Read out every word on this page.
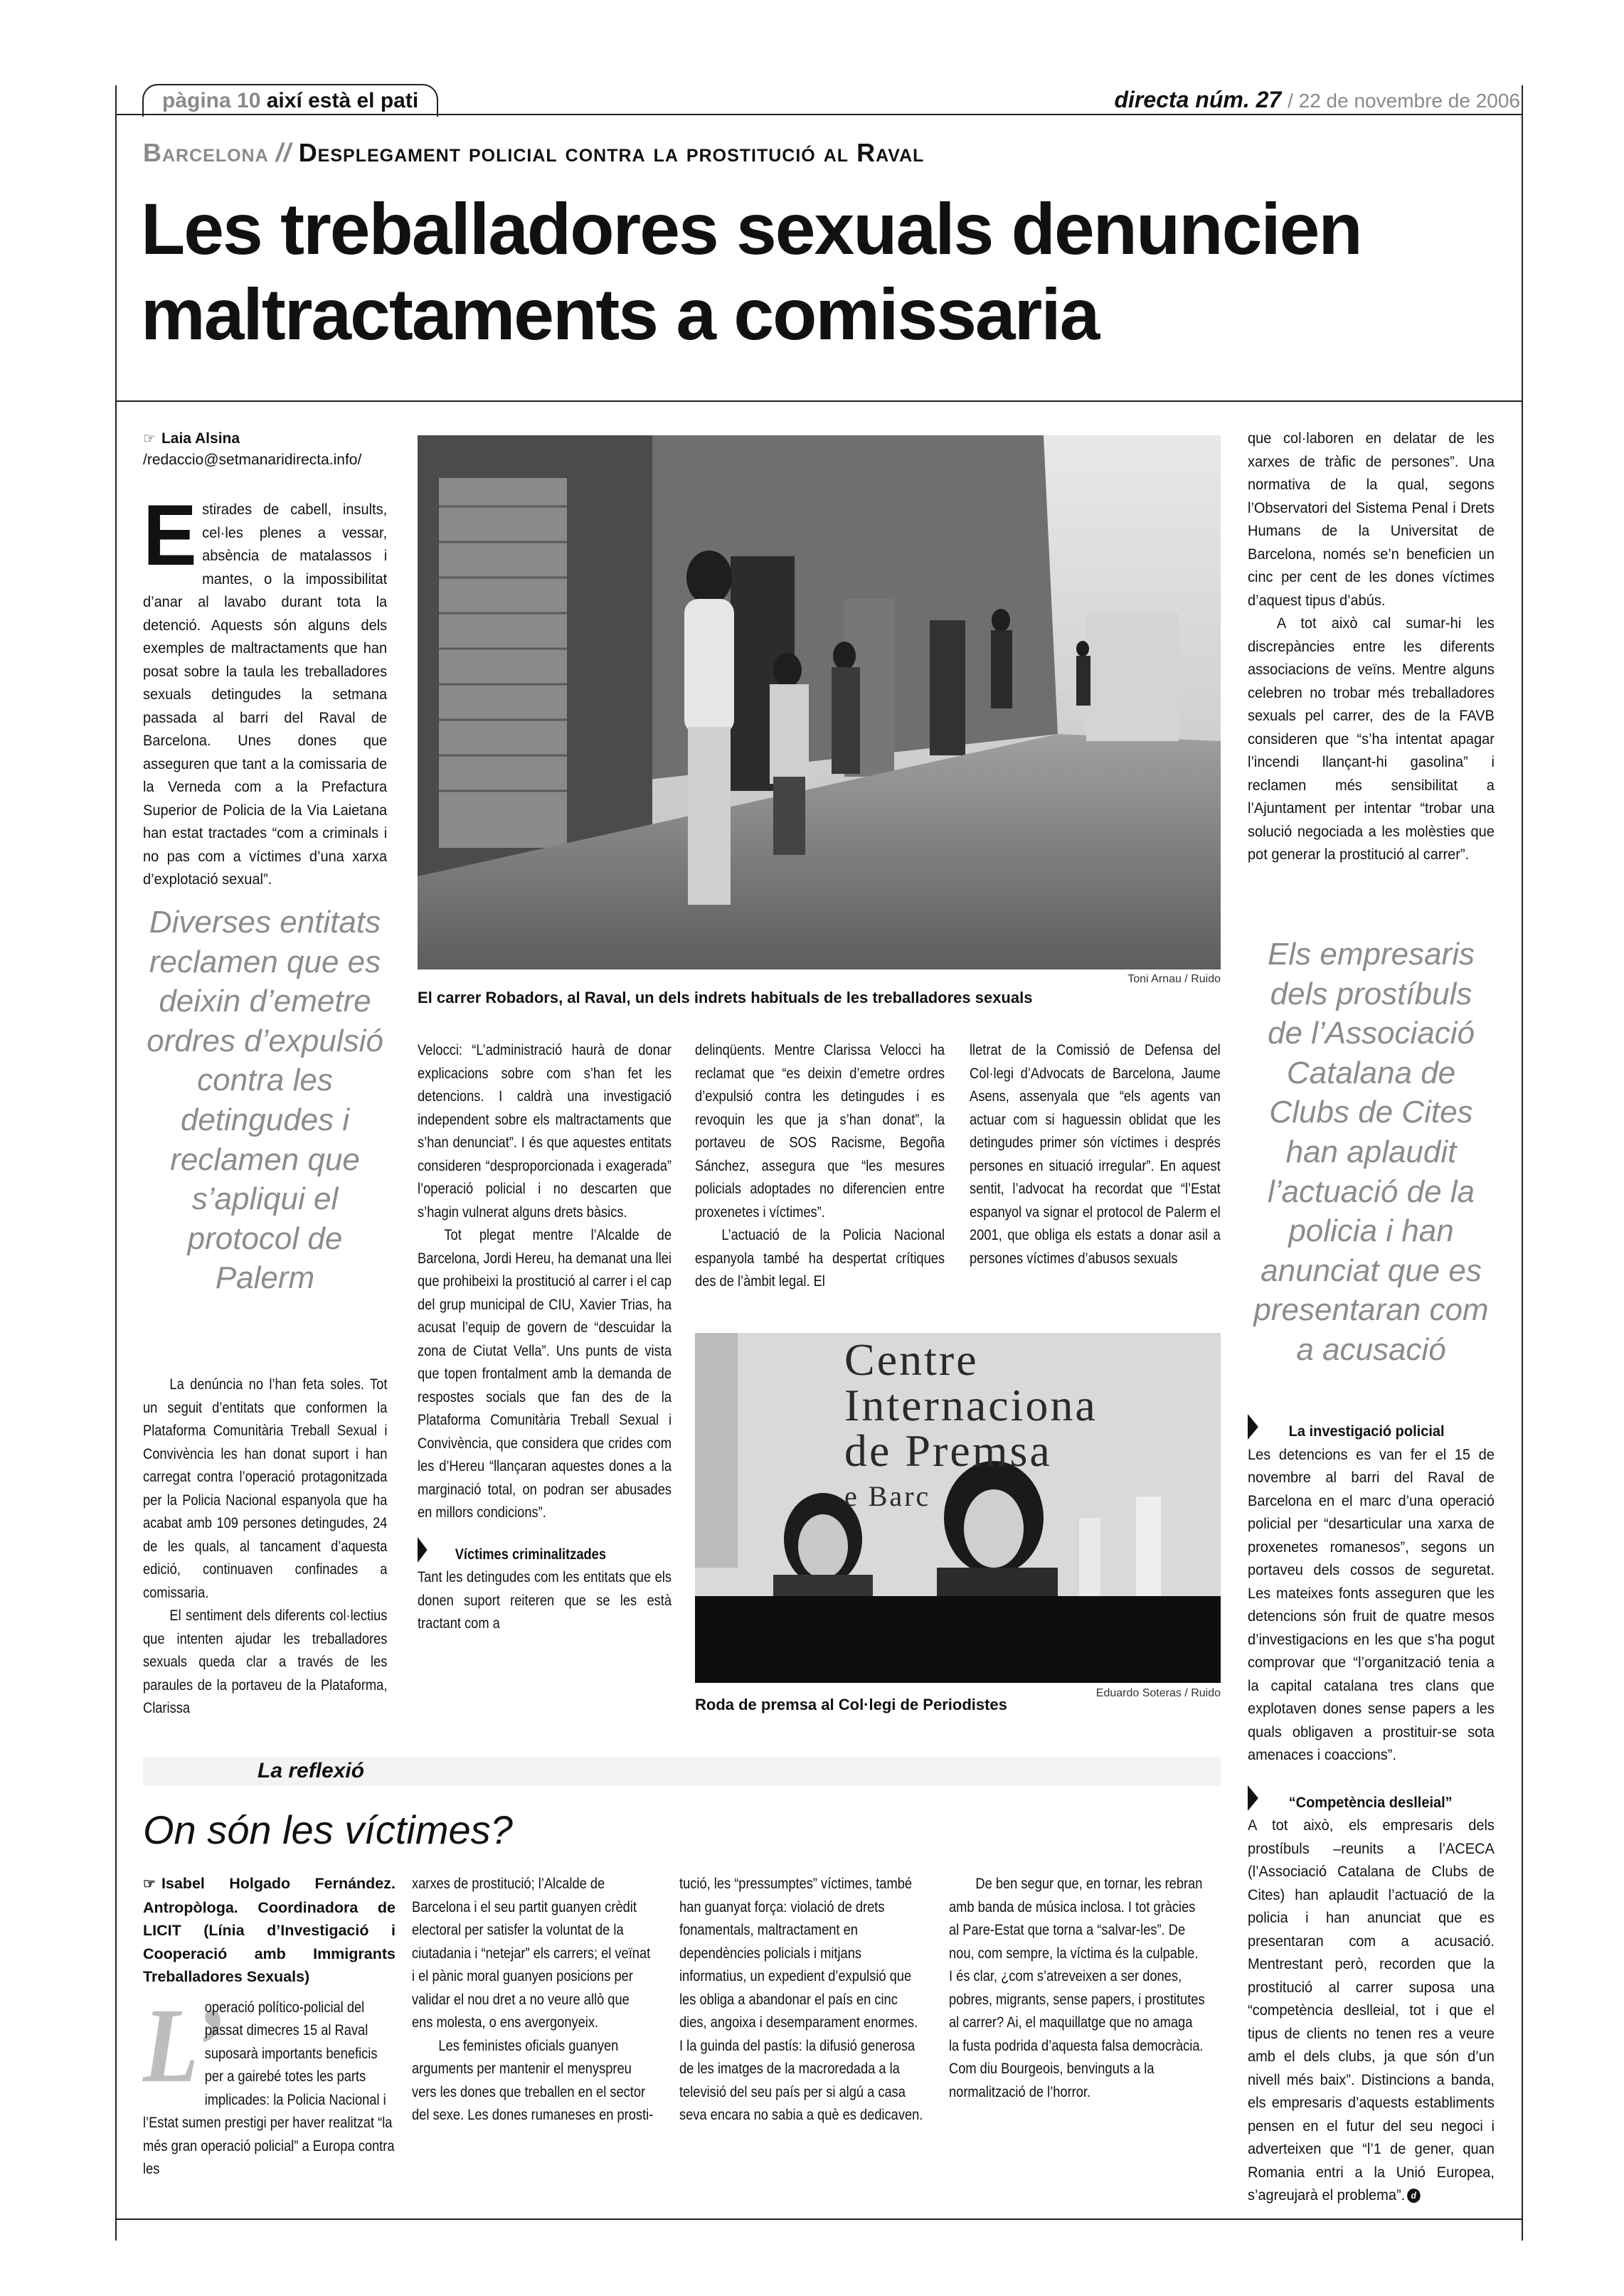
pàgina 10 així està el pati	directa núm. 27 / 22 de novembre de 2006
Barcelona // Desplegament policial contra la prostitució al Raval
Les treballadores sexuals denuncien
maltractaments a comissaria
☞ Laia Alsina
/redaccio@setmanaridirecta.info/
E stirades de cabell, insults, cel·les plenes a vessar, absència de matalassos i mantes, o la impossibilitat d’anar al lavabo durant tota la detenció. Aquests són alguns dels exemples de maltractaments que han posat sobre la taula les treballadores sexuals detingudes la setmana passada al barri del Raval de Barcelona. Unes dones que asseguren que tant a la comissaria de la Verneda com a la Prefactura Superior de Policia de la Via Laietana han estat tractades “com a criminals i no pas com a víctimes d’una xarxa d’explotació sexual”.

Diverses entitats reclamen que es deixin d’emetre ordres d’expulsió contra les detingudes i reclamen que s’apliqui el protocol de Palerm

La denúncia no l’han feta soles. Tot un seguit d’entitats que conformen la Plataforma Comunitària Treball Sexual i Convivència les han donat suport i han carregat contra l’operació protagonitzada per la Policia Nacional espanyola que ha acabat amb 109 persones detingudes, 24 de les quals, al tancament d’aquesta edició, continuaven confinades a comissaria.

El sentiment dels diferents col·lectius que intenten ajudar les treballadores sexuals queda clar a través de les paraules de la portaveu de la Plataforma, Clarissa

Toni Arnau / Ruido
El carrer Robadors, al Raval, un dels indrets habituals de les treballadores sexuals

que col·laboren en delatar de les xarxes de tràfic de persones”. Una normativa de la qual, segons l’Observatori del Sistema Penal i Drets Humans de la Universitat de Barcelona, només se’n beneficien un cinc per cent de les dones víctimes d’aquest tipus d’abús.

A tot això cal sumar-hi les discrepàncies entre les diferents associacions de veïns. Mentre alguns celebren no trobar més treballadores sexuals pel carrer, des de la FAVB consideren que “s’ha intentat apagar l’incendi llançant-hi gasolina” i reclamen més sensibilitat a l’Ajuntament per intentar “trobar una solució negociada a les molèsties que pot generar la prostitució al carrer”.

Els empresaris dels prostíbuls de l’Associació Catalana de Clubs de Cites han aplaudit l’actuació de la policia i han anunciat que es presentaran com a acusació
La investigació policial

Les detencions es van fer el 15 de novembre al barri del Raval de Barcelona en el marc d’una operació policial per “desarticular una xarxa de proxenetes romanesos”, segons un portaveu dels cossos de seguretat. Les mateixes fonts asseguren que les detencions són fruit de quatre mesos d’investigacions en les que s’ha pogut comprovar que “l’organització tenia a la capital catalana tres clans que explotaven dones sense papers a les quals obligaven a prostituir-se sota amenaces i coaccions”.

“Competència deslleial”

A tot això, els empresaris dels prostíbuls –reunits a l’ACECA (l’Associació Catalana de Clubs de Cites) han aplaudit l’actuació de la policia i han anunciat que es presentaran com a acusació. Mentrestant però, recorden que la prostitució al carrer suposa una “competència deslleial, tot i que el tipus de clients no tenen res a veure amb el dels clubs, ja que són d’un nivell més baix”. Distincions a banda, els empresaris d’aquests establiments pensen en el futur del seu negoci i adverteixen que “l’1 de gener, quan Romania entri a la Unió Europea, s’agreujarà el problema”. d

Velocci: “L’administració haurà de donar explicacions sobre com s’han fet les detencions. I caldrà una investigació independent sobre els maltractaments que s’han denunciat”. I és que aquestes entitats consideren “desproporcionada i exagerada” l’operació policial i no descarten que s’hagin vulnerat alguns drets bàsics.

Tot plegat mentre l’Alcalde de Barcelona, Jordi Hereu, ha demanat una llei que prohibeixi la prostitució al carrer i el cap del grup municipal de CIU, Xavier Trias, ha acusat l’equip de govern de “descuidar la zona de Ciutat Vella”. Uns punts de vista que topen frontalment amb la demanda de respostes socials que fan des de la Plataforma Comunitària Treball Sexual i Convivència, que considera que crides com les d’Hereu “llançaran aquestes dones a la marginació total, on podran ser abusades en millors condicions”.

Víctimes criminalitzades

Tant les detingudes com les entitats que els donen suport reiteren que se les està tractant com a

delinqüents. Mentre Clarissa Velocci ha reclamat que “es deixin d’emetre ordres d’expulsió contra les detingudes i es revoquin les que ja s’han donat”, la portaveu de SOS Racisme, Begoña Sánchez, assegura que “les mesures policials adoptades no diferencien entre proxenetes i víctimes”.

L’actuació de la Policia Nacional espanyola també ha despertat crítiques des de l’àmbit legal. El

lletrat de la Comissió de Defensa del Col·legi d’Advocats de Barcelona, Jaume Asens, assenyala que “els agents van actuar com si haguessin oblidat que les detingudes primer són víctimes i després persones en situació irregular”. En aquest sentit, l’advocat ha recordat que “l’Estat espanyol va signar el protocol de Palerm el 2001, que obliga els estats a donar asil a persones víctimes d’abusos sexuals

Centre
Internaciona
de Premsa
e Barc
Roda de premsa al Col·legi de Periodistes
Eduardo Soteras / Ruido
La reflexió
On són les víctimes?
☞ Isabel Holgado Fernández. Antropòloga. Coordinadora de LICIT (Línia d’Investigació i Cooperació amb Immigrants Treballadores Sexuals)
L’

operació político-policial del passat dimecres 15 al Raval suposarà importants beneficis per a gairebé totes les parts implicades: la Policia Nacional i l’Estat sumen prestigi per haver realitzat “la més gran operació policial” a Europa contra les

xarxes de prostitució; l’Alcalde de Barcelona i el seu partit guanyen crèdit electoral per satisfer la voluntat de la ciutadania i “netejar” els carrers; el veïnat i el pànic moral guanyen posicions per validar el nou dret a no veure allò que ens molesta, o ens avergonyeix.

Les feministes oficials guanyen arguments per mantenir el menyspreu vers les dones que treballen en el sector del sexe. Les dones rumaneses en prosti-

tució, les “pressumptes” víctimes, també han guanyat força: violació de drets fonamentals, maltractament en dependències policials i mitjans informatius, un expedient d’expulsió que les obliga a abandonar el país en cinc dies, angoixa i desemparament enormes. I la guinda del pastís: la difusió generosa de les imatges de la macroredada a la televisió del seu país per si algú a casa seva encara no sabia a què es dedicaven.

De ben segur que, en tornar, les rebran amb banda de música inclosa. I tot gràcies al Pare-Estat que torna a “salvar-les”. De nou, com sempre, la víctima és la culpable. I és clar, ¿com s’atreveixen a ser dones, pobres, migrants, sense papers, i prostitutes al carrer? Ai, el maquillatge que no amaga la fusta podrida d’aquesta falsa democràcia. Com diu Bourgeois, benvinguts a la normalització de l’horror.
